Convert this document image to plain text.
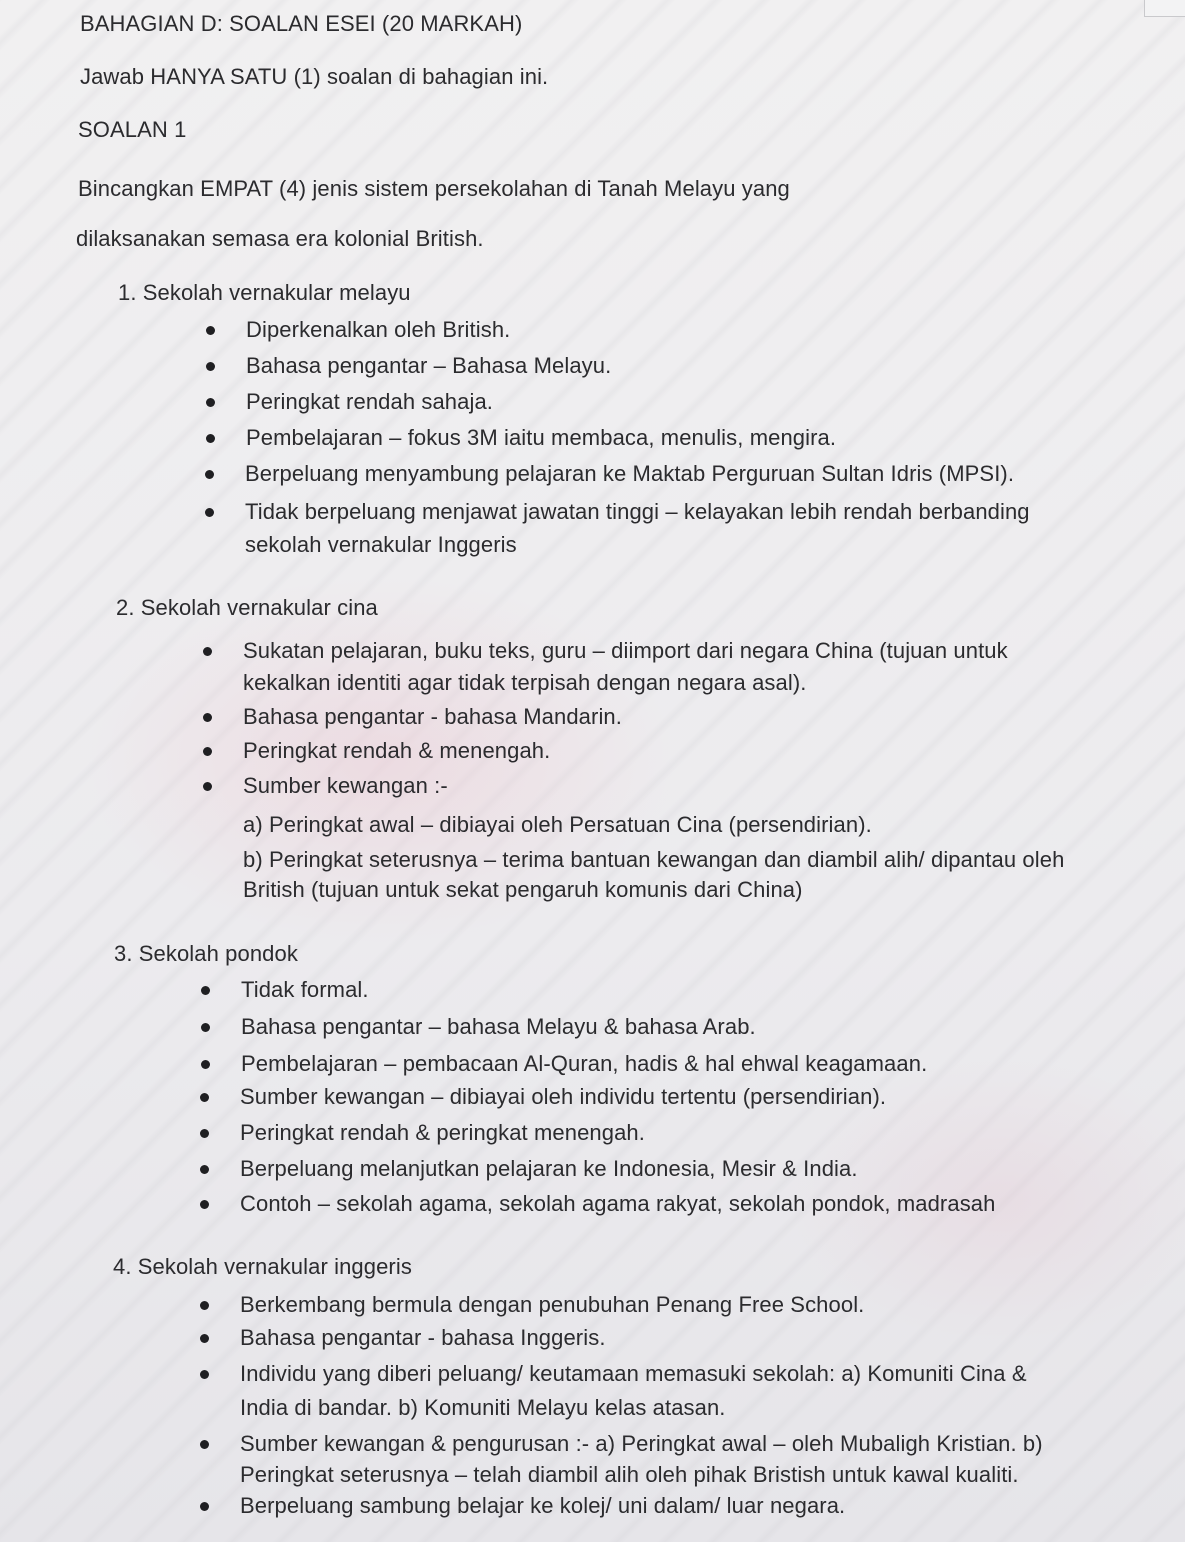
BAHAGIAN D: SOALAN ESEI (20 MARKAH)
Jawab HANYA SATU (1) soalan di bahagian ini.
SOALAN 1
Bincangkan EMPAT (4) jenis sistem persekolahan di Tanah Melayu yang
dilaksanakan semasa era kolonial British.
1. Sekolah vernakular melayu
Diperkenalkan oleh British.
Bahasa pengantar – Bahasa Melayu.
Peringkat rendah sahaja.
Pembelajaran – fokus 3M iaitu membaca, menulis, mengira.
Berpeluang menyambung pelajaran ke Maktab Perguruan Sultan Idris (MPSI).
Tidak berpeluang menjawat jawatan tinggi – kelayakan lebih rendah berbanding
sekolah vernakular Inggeris
2. Sekolah vernakular cina
Sukatan pelajaran, buku teks, guru – diimport dari negara China (tujuan untuk
kekalkan identiti agar tidak terpisah dengan negara asal).
Bahasa pengantar - bahasa Mandarin.
Peringkat rendah & menengah.
Sumber kewangan :-
a) Peringkat awal – dibiayai oleh Persatuan Cina (persendirian).
b) Peringkat seterusnya – terima bantuan kewangan dan diambil alih/ dipantau oleh
British (tujuan untuk sekat pengaruh komunis dari China)
3. Sekolah pondok
Tidak formal.
Bahasa pengantar – bahasa Melayu & bahasa Arab.
Pembelajaran – pembacaan Al-Quran, hadis & hal ehwal keagamaan.
Sumber kewangan – dibiayai oleh individu tertentu (persendirian).
Peringkat rendah & peringkat menengah.
Berpeluang melanjutkan pelajaran ke Indonesia, Mesir & India.
Contoh – sekolah agama, sekolah agama rakyat, sekolah pondok, madrasah
4. Sekolah vernakular inggeris
Berkembang bermula dengan penubuhan Penang Free School.
Bahasa pengantar - bahasa Inggeris.
Individu yang diberi peluang/ keutamaan memasuki sekolah: a) Komuniti Cina &
India di bandar. b) Komuniti Melayu kelas atasan.
Sumber kewangan & pengurusan :- a) Peringkat awal – oleh Mubaligh Kristian. b)
Peringkat seterusnya – telah diambil alih oleh pihak Bristish untuk kawal kualiti.
Berpeluang sambung belajar ke kolej/ uni dalam/ luar negara.
